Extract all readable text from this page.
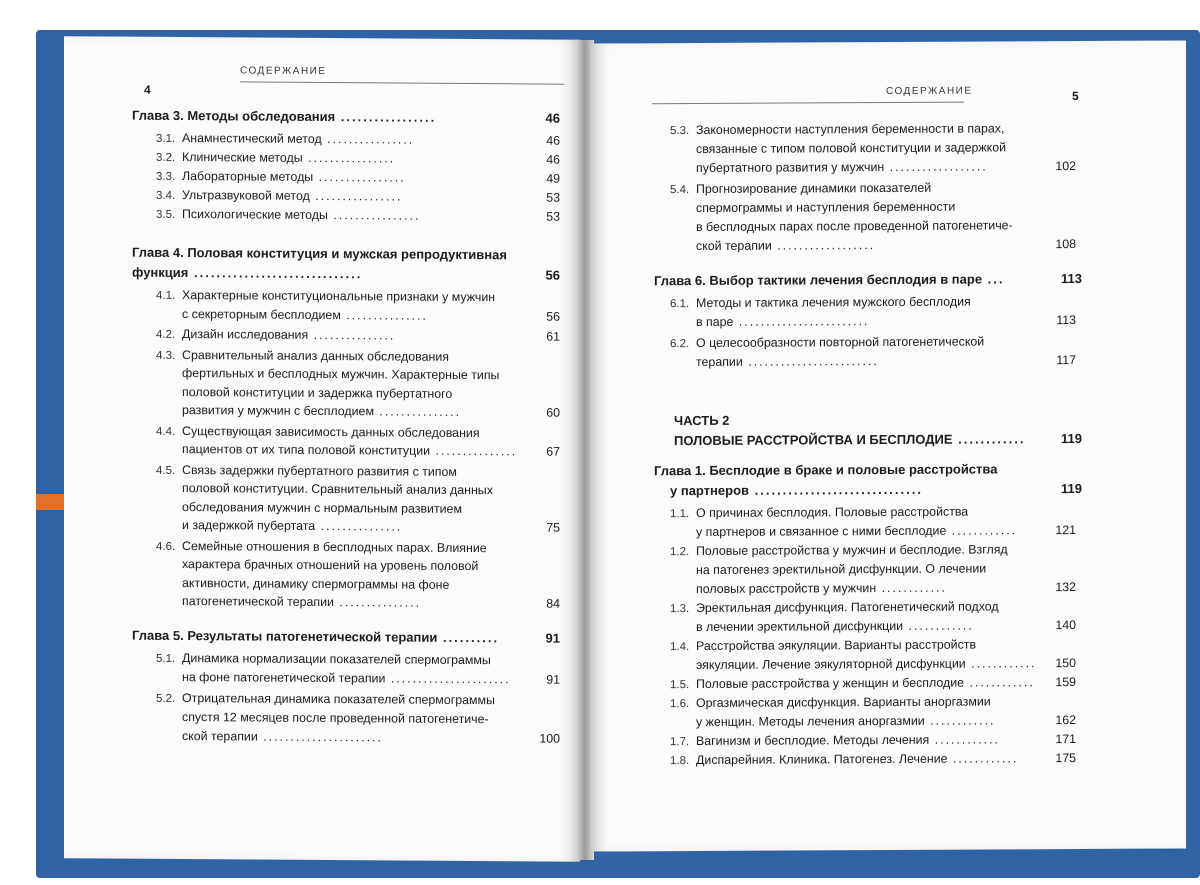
4
СОДЕРЖАНИЕ
Глава 3. Методы обследования .................	46
3.1. Анамнестический метод ................	46
3.2. Клинические методы ................	46
3.3. Лабораторные методы ................	49
3.4. Ультразвуковой метод ................	53
3.5. Психологические методы ................	53
Глава 4. Половая конституция и мужская репродуктивная
функция ..............................	56
4.1. Характерные конституциональные признаки у мужчин
с секреторным бесплодием ...............	56
4.2. Дизайн исследования ...............	61
4.3. Сравнительный анализ данных обследования
фертильных и бесплодных мужчин. Характерные типы
половой конституции и задержка пубертатного
развития у мужчин с бесплодием ...............	60
4.4. Существующая зависимость данных обследования
пациентов от их типа половой конституции ............... 67
4.5. Связь задержки пубертатного развития с типом
половой конституции. Сравнительный анализ данных
обследования мужчин с нормальным развитием
и задержкой пубертата ...............	75
4.6. Семейные отношения в бесплодных парах. Влияние
характера брачных отношений на уровень половой
активности, динамику спермограммы на фоне
патогенетической терапии ...............	84
Глава 5. Результаты патогенетической терапии ..........	91
5.1. Динамика нормализации показателей спермограммы
на фоне патогенетической терапии ......................	91
5.2. Отрицательная динамика показателей спермограммы
спустя 12 месяцев после проведенной патогенетиче-
ской терапии ......................	100
СОДЕРЖАНИЕ	5
5.3. Закономерности наступления беременности в парах,
связанные с типом половой конституции и задержкой
пубертатного развития у мужчин ..................	102
5.4. Прогнозирование динамики показателей
спермограммы и наступления беременности
в бесплодных парах после проведенной патогенетиче-
ской терапии ..................	108
Глава 6. Выбор тактики лечения бесплодия в паре ...	113
6.1. Методы и тактика лечения мужского бесплодия
в паре ........................	113
6.2. О целесообразности повторной патогенетической
терапии ........................	117
ЧАСТЬ 2
ПОЛОВЫЕ РАССТРОЙСТВА И БЕСПЛОДИЕ ............	119
Глава 1. Бесплодие в браке и половые расстройства
у партнеров ..............................	119
1.1. О причинах бесплодия. Половые расстройства
у партнеров и связанное с ними бесплодие ............	121
1.2. Половые расстройства у мужчин и бесплодие. Взгляд
на патогенез эректильной дисфункции. О лечении
половых расстройств у мужчин ............	132
1.3. Эректильная дисфункция. Патогенетический подход
в лечении эректильной дисфункции ............	140
1.4. Расстройства эякуляции. Варианты расстройств
эякуляции. Лечение эякуляторной дисфункции ............ 150
1.5. Половые расстройства у женщин и бесплодие ............ 159
1.6. Оргазмическая дисфункция. Варианты аноргазмии
у женщин. Методы лечения аноргазмии ............	162
1.7. Вагинизм и бесплодие. Методы лечения ............	171
1.8. Диспарейния. Клиника. Патогенез. Лечение ............	175
